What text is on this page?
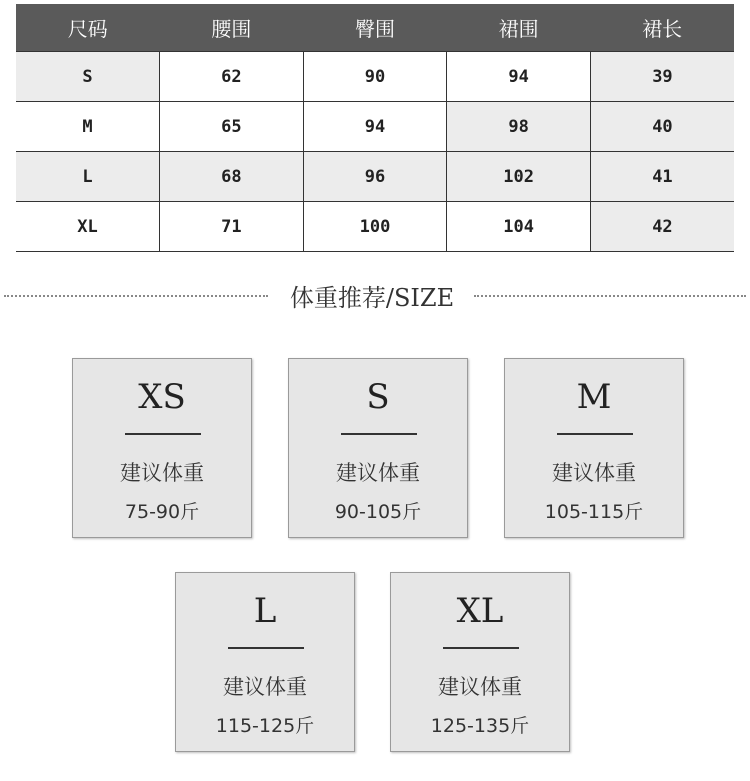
尺码	腰围	臀围	裙围	裙长
S	62	90	94	39
M	65	94	98	40
L	68	96	102	41
XL	71	100	104	42
体重推荐/SIZE
XS
建议体重
75-90斤
S
建议体重
90-105斤
M
建议体重
105-115斤
L
建议体重
115-125斤
XL
建议体重
125-135斤
